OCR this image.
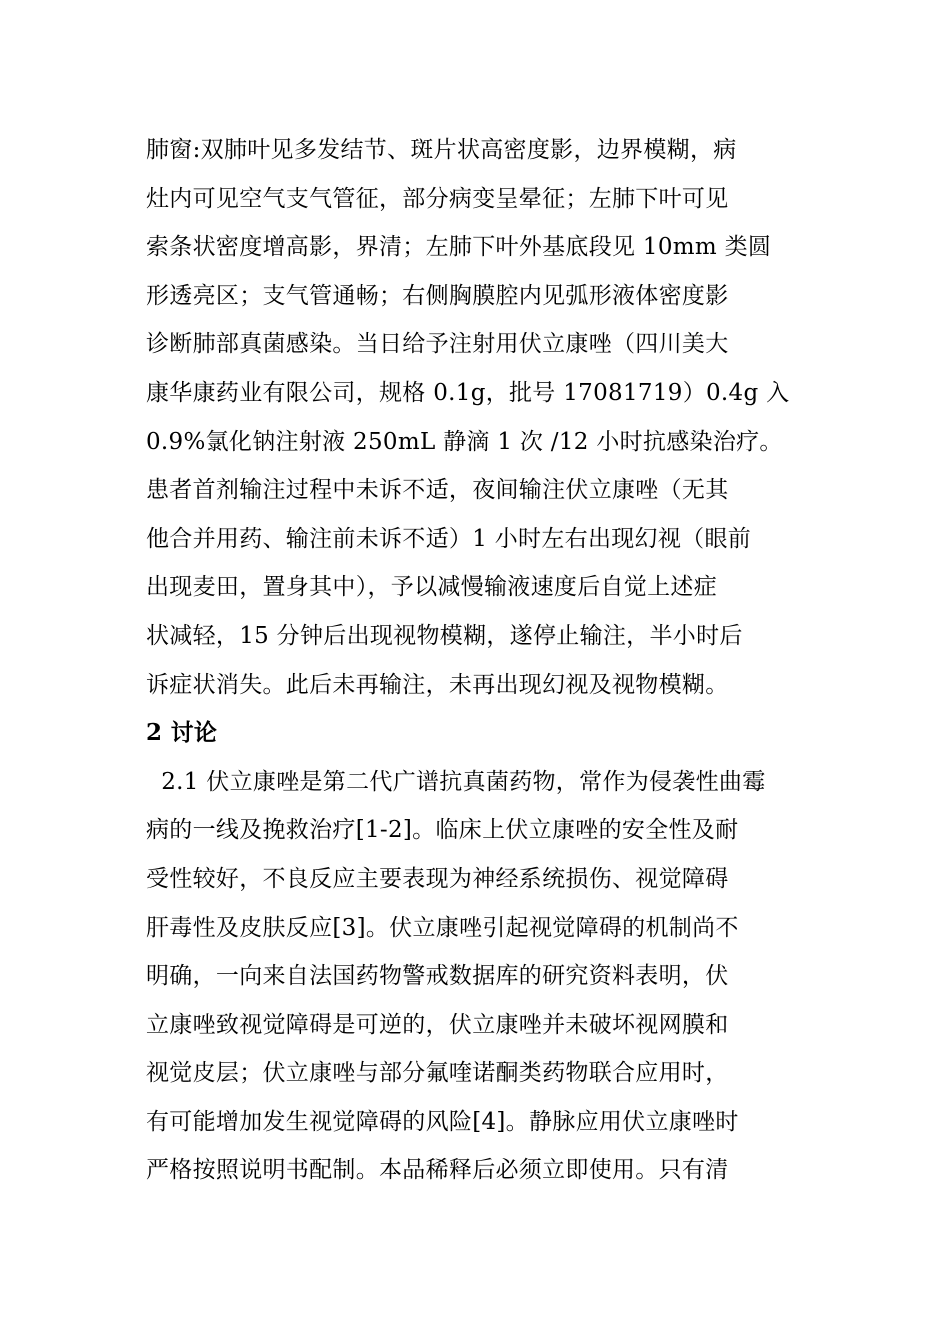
肺窗:双肺叶见多发结节、斑片状高密度影，边界模糊，病
灶内可见空气支气管征，部分病变呈晕征；左肺下叶可见
索条状密度增高影，界清；左肺下叶外基底段见 10mm 类圆
形透亮区；支气管通畅；右侧胸膜腔内见弧形液体密度影
诊断肺部真菌感染。当日给予注射用伏立康唑（四川美大
康华康药业有限公司，规格 0.1g，批号 17081719）0.4g 入
0.9%氯化钠注射液 250mL 静滴 1 次 /12 小时抗感染治疗。
患者首剂输注过程中未诉不适，夜间输注伏立康唑（无其
他合并用药、输注前未诉不适）1 小时左右出现幻视（眼前
出现麦田，置身其中），予以减慢输液速度后自觉上述症
状减轻，15 分钟后出现视物模糊，遂停止输注，半小时后
诉症状消失。此后未再输注，未再出现幻视及视物模糊。
2 讨论
2.1 伏立康唑是第二代广谱抗真菌药物，常作为侵袭性曲霉
病的一线及挽救治疗[1-2]。临床上伏立康唑的安全性及耐
受性较好，不良反应主要表现为神经系统损伤、视觉障碍
肝毒性及皮肤反应[3]。伏立康唑引起视觉障碍的机制尚不
明确，一向来自法国药物警戒数据库的研究资料表明，伏
立康唑致视觉障碍是可逆的，伏立康唑并未破坏视网膜和
视觉皮层；伏立康唑与部分氟喹诺酮类药物联合应用时，
有可能增加发生视觉障碍的风险[4]。静脉应用伏立康唑时
严格按照说明书配制。本品稀释后必须立即使用。只有清
